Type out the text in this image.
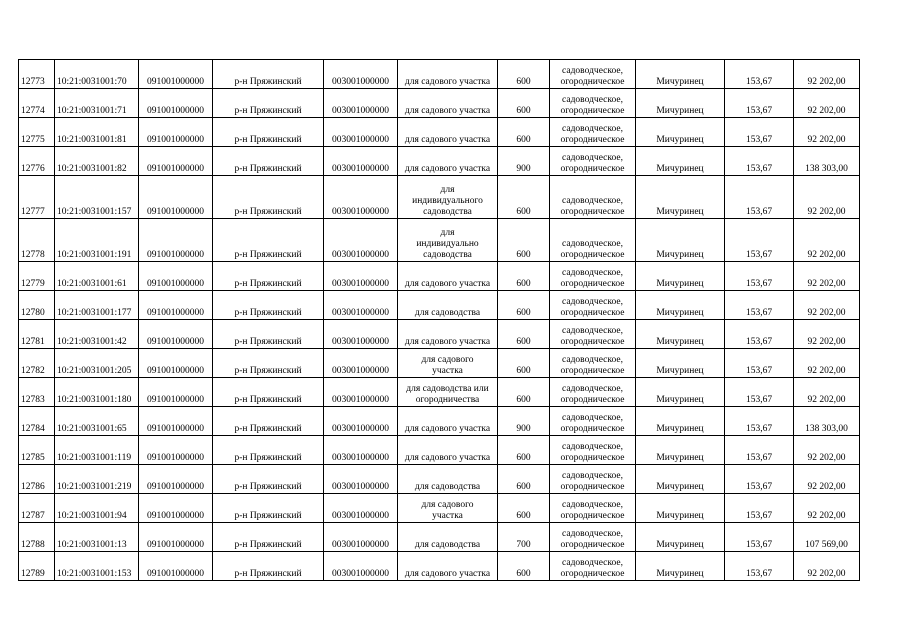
12773	10:21:0031001:70	091001000000	р-н Пряжинский	003001000000	для садового участка	600	садоводческое,
огородническое	Мичуринец	153,67	92 202,00
12774	10:21:0031001:71	091001000000	р-н Пряжинский	003001000000	для садового участка	600	садоводческое,
огородническое	Мичуринец	153,67	92 202,00
12775	10:21:0031001:81	091001000000	р-н Пряжинский	003001000000	для садового участка	600	садоводческое,
огородническое	Мичуринец	153,67	92 202,00
12776	10:21:0031001:82	091001000000	р-н Пряжинский	003001000000	для садового участка	900	садоводческое,
огородническое	Мичуринец	153,67	138 303,00
12777	10:21:0031001:157	091001000000	р-н Пряжинский	003001000000	для
индивидуального
садоводства	600	садоводческое,
огородническое	Мичуринец	153,67	92 202,00
12778	10:21:0031001:191	091001000000	р-н Пряжинский	003001000000	для
индивидуально
садоводства	600	садоводческое,
огородническое	Мичуринец	153,67	92 202,00
12779	10:21:0031001:61	091001000000	р-н Пряжинский	003001000000	для садового участка	600	садоводческое,
огородническое	Мичуринец	153,67	92 202,00
12780	10:21:0031001:177	091001000000	р-н Пряжинский	003001000000	для садоводства	600	садоводческое,
огородническое	Мичуринец	153,67	92 202,00
12781	10:21:0031001:42	091001000000	р-н Пряжинский	003001000000	для садового участка	600	садоводческое,
огородническое	Мичуринец	153,67	92 202,00
12782	10:21:0031001:205	091001000000	р-н Пряжинский	003001000000	для садового
участка	600	садоводческое,
огородническое	Мичуринец	153,67	92 202,00
12783	10:21:0031001:180	091001000000	р-н Пряжинский	003001000000	для садоводства или
огородничества	600	садоводческое,
огородническое	Мичуринец	153,67	92 202,00
12784	10:21:0031001:65	091001000000	р-н Пряжинский	003001000000	для садового участка	900	садоводческое,
огородническое	Мичуринец	153,67	138 303,00
12785	10:21:0031001:119	091001000000	р-н Пряжинский	003001000000	для садового участка	600	садоводческое,
огородническое	Мичуринец	153,67	92 202,00
12786	10:21:0031001:219	091001000000	р-н Пряжинский	003001000000	для садоводства	600	садоводческое,
огородническое	Мичуринец	153,67	92 202,00
12787	10:21:0031001:94	091001000000	р-н Пряжинский	003001000000	для садового
участка	600	садоводческое,
огородническое	Мичуринец	153,67	92 202,00
12788	10:21:0031001:13	091001000000	р-н Пряжинский	003001000000	для садоводства	700	садоводческое,
огородническое	Мичуринец	153,67	107 569,00
12789	10:21:0031001:153	091001000000	р-н Пряжинский	003001000000	для садового участка	600	садоводческое,
огородническое	Мичуринец	153,67	92 202,00
